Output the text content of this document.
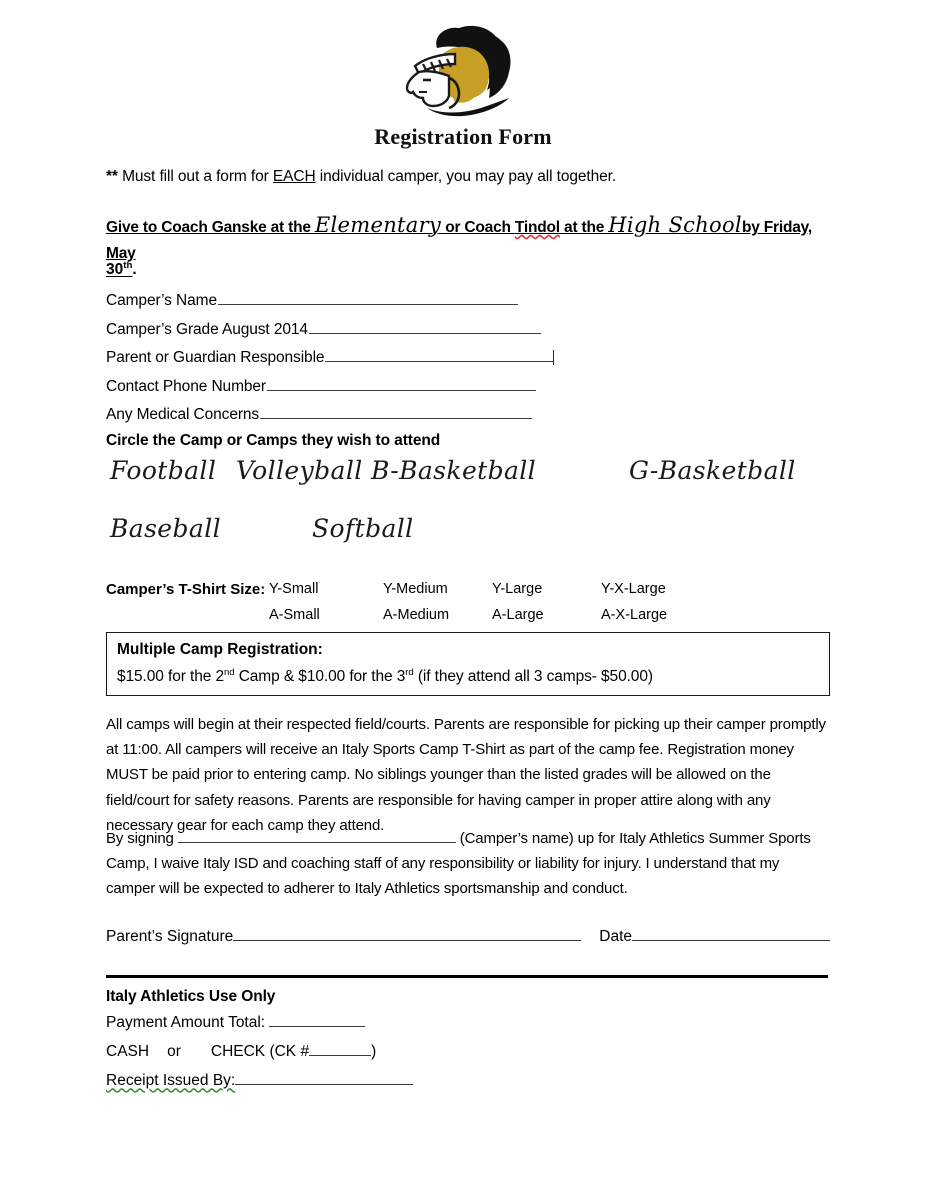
Registration Form
** Must fill out a form for EACH individual camper, you may pay all together.
Give to Coach Ganske at the Elementary or Coach Tindol at the High Schoolby Friday, May
30th.
Camper’s Name
Camper’s Grade August 2014
Parent or Guardian Responsible
Contact Phone Number
Any Medical Concerns
Circle the Camp or Camps they wish to attend
Football Volleyball B-Basketball	G-Basketball
Baseball	Softball
Camper’s T-Shirt Size: Y-Small	Y-Medium	Y-Large	Y-X-Large
A-Small	A-Medium	A-Large	A-X-Large
Multiple Camp Registration:
$15.00 for the 2nd Camp & $10.00 for the 3rd (if they attend all 3 camps- $50.00)
All camps will begin at their respected field/courts. Parents are responsible for picking up their camper promptly at 11:00. All campers will receive an Italy Sports Camp T-Shirt as part of the camp fee. Registration money MUST be paid prior to entering camp. No siblings younger than the listed grades will be allowed on the field/court for safety reasons. Parents are responsible for having camper in proper attire along with any necessary gear for each camp they attend.
By signing	(Camper’s name) up for Italy Athletics Summer Sports Camp, I waive Italy ISD and coaching staff of any responsibility or liability for injury. I understand that my camper will be expected to adherer to Italy Athletics sportsmanship and conduct.
Parent’s Signature	Date
Italy Athletics Use Only
Payment Amount Total:
CASH or CHECK (CK #	)
Receipt Issued By:
